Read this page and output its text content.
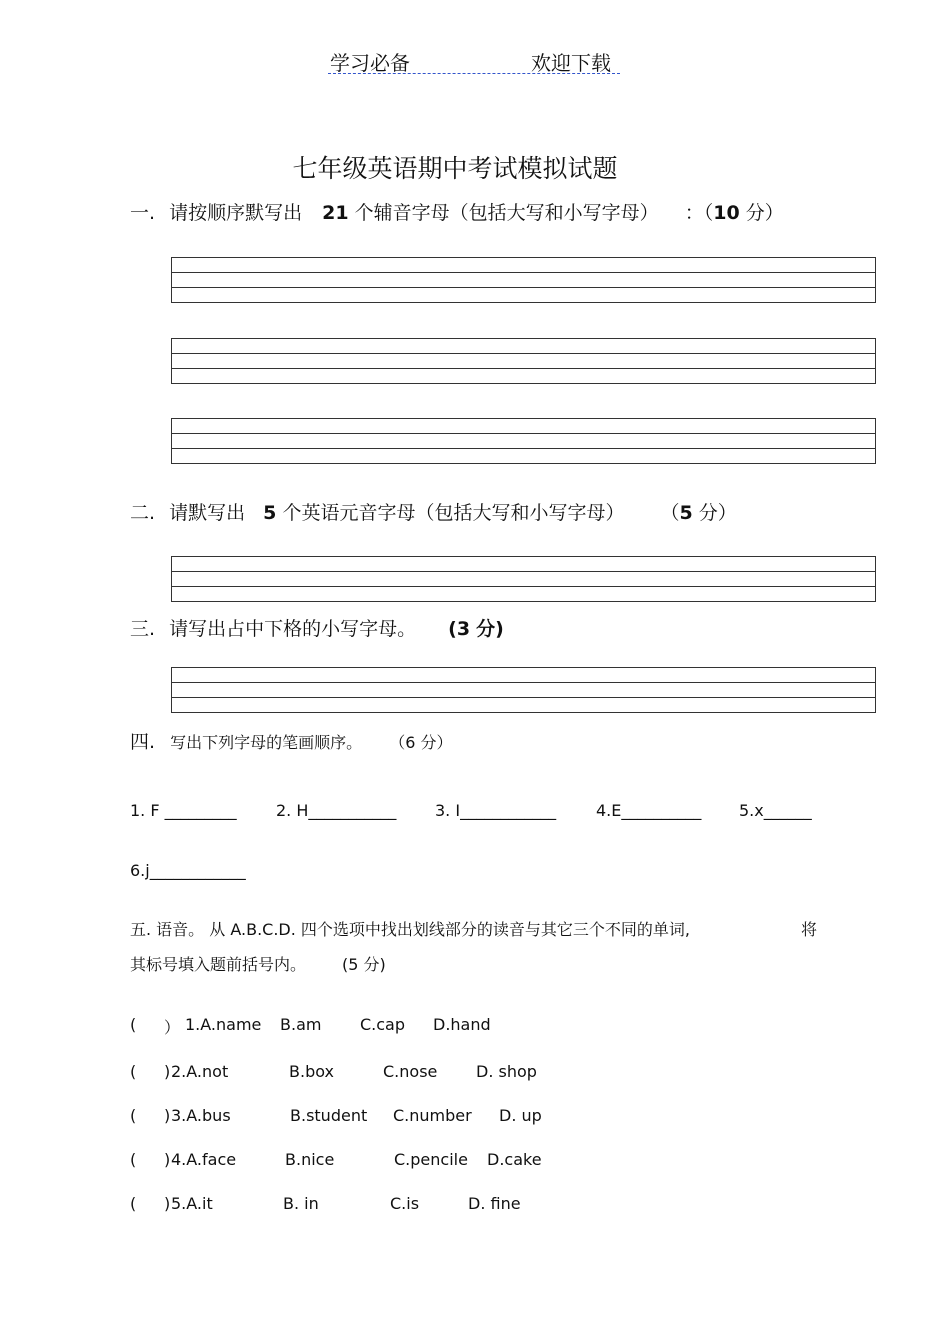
学习必备	欢迎下载
七年级英语期中考试模拟试题
一. 请按顺序默写出 21 个辅音字母（包括大写和小写字母） ：（10 分）
二. 请默写出 5 个英语元音字母（包括大写和小写字母） （5 分）
三. 请写出占中下格的小写字母。 (3 分)
四. 写出下列字母的笔画顺序。 （6 分）
1. F _________ 2. H___________ 3. I____________ 4.E__________ 5.x______
6.j____________
五. 语音。 从 A.B.C.D. 四个选项中找出划线部分的读音与其它三个不同的单词,	将
其标号填入题前括号内。 (5 分)
( ） 1.A.name B.am C.cap D.hand
( ) 2.A.not	B.box	C.nose D. shop
( ) 3.A.bus	B.student C.number D. up
( ) 4.A.face	B.nice	C.pencile D.cake
( ) 5.A.it	B. in	C.is	D. fine
